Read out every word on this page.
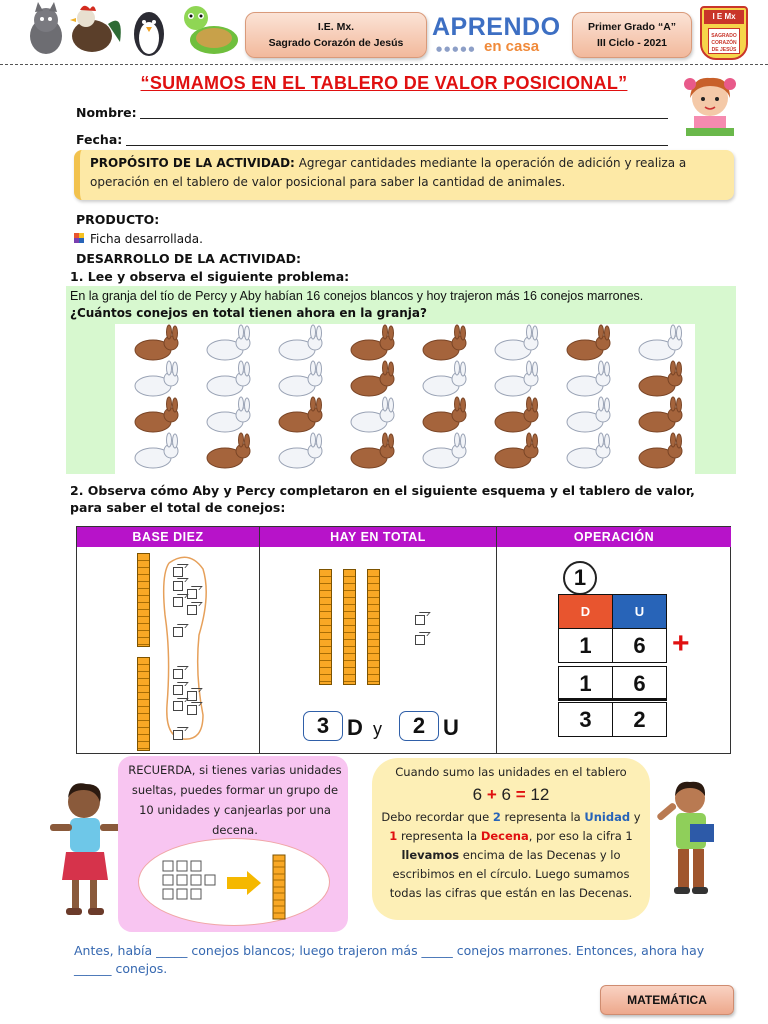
I.E. Mx.
Sagrado Corazón de Jesús
APRENDO
●●●●● en casa
Primer Grado “A”
III Ciclo - 2021
I E Mx
SAGRADO CORAZÓN DE JESÚS
“SUMAMOS EN EL TABLERO DE VALOR POSICIONAL”
Nombre:
Fecha:
PROPÓSITO DE LA ACTIVIDAD: Agregar cantidades mediante la operación de adición y realiza a operación en el tablero de valor posicional para saber la cantidad de animales.
PRODUCTO:
Ficha desarrollada.
DESARROLLO DE LA ACTIVIDAD:
1. Lee y observa el siguiente problema:
En la granja del tío de Percy y Aby habían 16 conejos blancos y hoy trajeron más 16 conejos marrones.
¿Cuántos conejos en total tienen ahora en la granja?
2. Observa cómo Aby y Percy completaron en el siguiente esquema y el tablero de valor, para saber el total de conejos:
BASE DIEZ	HAY EN TOTAL	OPERACIÓN
3 D y	2 U
1
D	U
1	6
1	6
3	2
+
RECUERDA, si tienes varias unidades sueltas, puedes formar un grupo de 10 unidades y canjearlas por una decena.
Cuando sumo las unidades en el tablero
6 + 6 = 12
Debo recordar que 2 representa la Unidad y 1 representa la Decena, por eso la cifra 1 llevamos encima de las Decenas y lo escribimos en el círculo. Luego sumamos todas las cifras que están en las Decenas.
Antes, había _____ conejos blancos; luego trajeron más _____ conejos marrones. Entonces, ahora hay ______ conejos.
MATEMÁTICA
